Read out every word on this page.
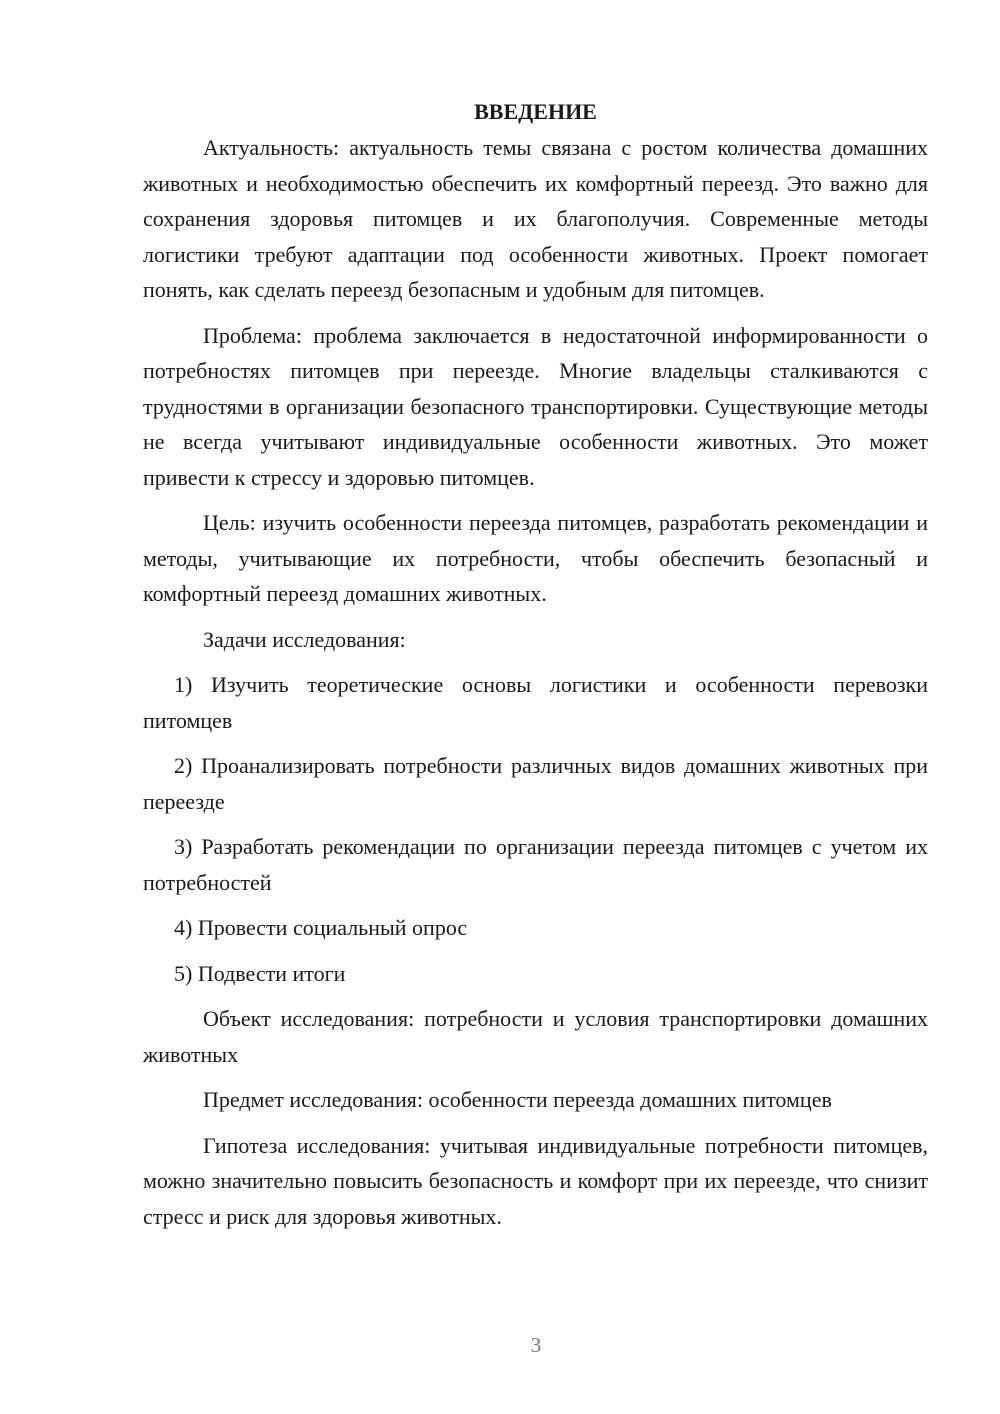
ВВЕДЕНИЕ

Актуальность: актуальность темы связана с ростом количества домашних животных и необходимостью обеспечить их комфортный переезд. Это важно для сохранения здоровья питомцев и их благополучия. Современные методы логистики требуют адаптации под особенности животных. Проект помогает понять, как сделать переезд безопасным и удобным для питомцев.

Проблема: проблема заключается в недостаточной информированности о потребностях питомцев при переезде. Многие владельцы сталкиваются с трудностями в организации безопасного транспортировки. Существующие методы не всегда учитывают индивидуальные особенности животных. Это может привести к стрессу и здоровью питомцев.

Цель: изучить особенности переезда питомцев, разработать рекомендации и методы, учитывающие их потребности, чтобы обеспечить безопасный и комфортный переезд домашних животных.

Задачи исследования:

1) Изучить теоретические основы логистики и особенности перевозки питомцев

2) Проанализировать потребности различных видов домашних животных при переезде

3) Разработать рекомендации по организации переезда питомцев с учетом их потребностей

4) Провести социальный опрос

5) Подвести итоги

Объект исследования: потребности и условия транспортировки домашних животных

Предмет исследования: особенности переезда домашних питомцев

Гипотеза исследования: учитывая индивидуальные потребности питомцев, можно значительно повысить безопасность и комфорт при их переезде, что снизит стресс и риск для здоровья животных.

3
